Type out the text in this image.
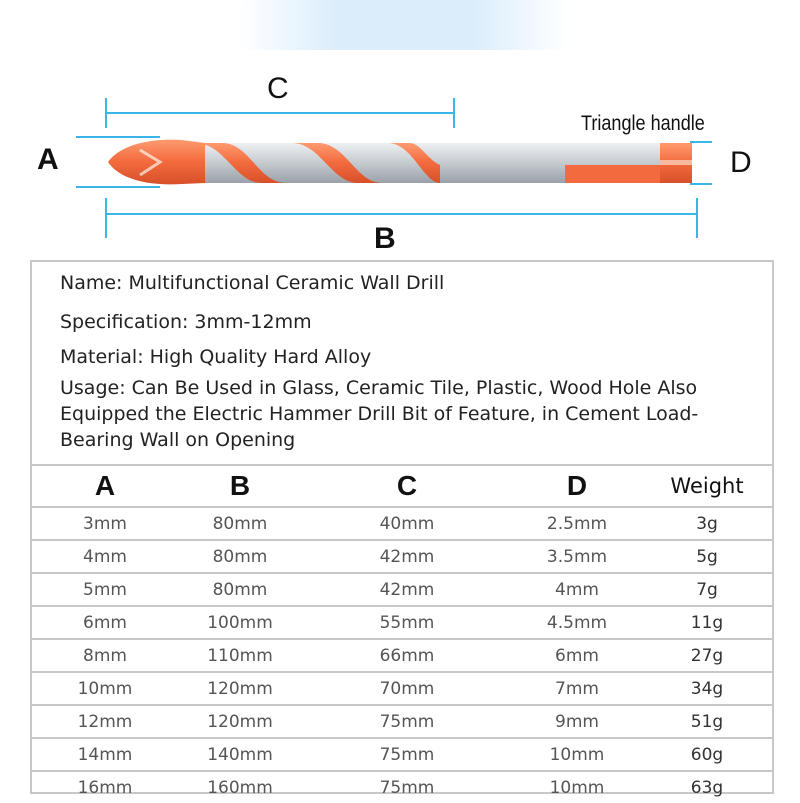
C
A	D
B
Triangle handle
Name: Multifunctional Ceramic Wall Drill
Specification: 3mm-12mm
Material: High Quality Hard Alloy
Usage: Can Be Used in Glass, Ceramic Tile, Plastic, Wood Hole Also Equipped the Electric Hammer Drill Bit of Feature, in Cement Load-Bearing Wall on Opening
A	B	C	D	Weight
3mm	80mm	40mm	2.5mm	3g
4mm	80mm	42mm	3.5mm	5g
5mm	80mm	42mm	4mm	7g
6mm	100mm	55mm	4.5mm	11g
8mm	110mm	66mm	6mm	27g
10mm	120mm	70mm	7mm	34g
12mm	120mm	75mm	9mm	51g
14mm	140mm	75mm	10mm	60g
16mm	160mm	75mm	10mm	63g
